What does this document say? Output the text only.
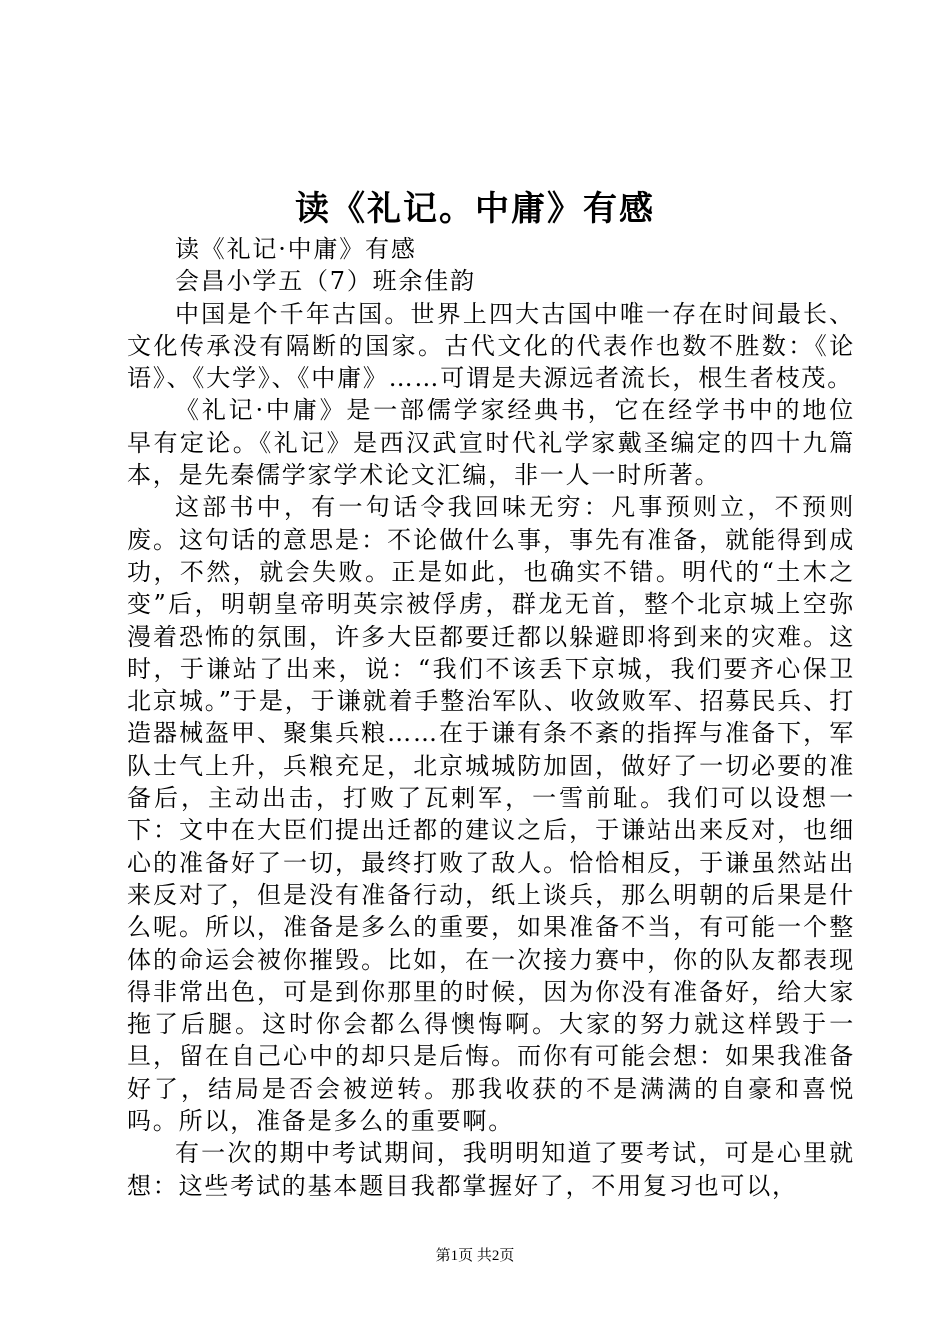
读《礼记。中庸》有感

读《礼记·中庸》有感

会昌小学五（7）班余佳韵

中国是个千年古国。世界上四大古国中唯一存在时间最长、文化传承没有隔断的国家。古代文化的代表作也数不胜数：《论语》、《大学》、《中庸》……可谓是夫源远者流长，根生者枝茂。

《礼记·中庸》是一部儒学家经典书，它在经学书中的地位早有定论。《礼记》是西汉武宣时代礼学家戴圣编定的四十九篇本，是先秦儒学家学术论文汇编，非一人一时所著。

这部书中，有一句话令我回味无穷：凡事预则立，不预则废。这句话的意思是：不论做什么事，事先有准备，就能得到成功，不然，就会失败。正是如此，也确实不错。明代的“土木之变”后，明朝皇帝明英宗被俘虏，群龙无首，整个北京城上空弥漫着恐怖的氛围，许多大臣都要迁都以躲避即将到来的灾难。这时，于谦站了出来，说：“我们不该丢下京城，我们要齐心保卫北京城。”于是，于谦就着手整治军队、收敛败军、招募民兵、打造器械盔甲、聚集兵粮……在于谦有条不紊的指挥与准备下，军队士气上升，兵粮充足，北京城城防加固，做好了一切必要的准备后，主动出击，打败了瓦剌军，一雪前耻。我们可以设想一下：文中在大臣们提出迁都的建议之后，于谦站出来反对，也细心的准备好了一切，最终打败了敌人。恰恰相反，于谦虽然站出来反对了，但是没有准备行动，纸上谈兵，那么明朝的后果是什么呢。所以，准备是多么的重要，如果准备不当，有可能一个整体的命运会被你摧毁。比如，在一次接力赛中，你的队友都表现得非常出色，可是到你那里的时候，因为你没有准备好，给大家拖了后腿。这时你会都么得懊悔啊。大家的努力就这样毁于一旦，留在自己心中的却只是后悔。而你有可能会想：如果我准备好了，结局是否会被逆转。那我收获的不是满满的自豪和喜悦吗。所以，准备是多么的重要啊。

有一次的期中考试期间，我明明知道了要考试，可是心里就想：这些考试的基本题目我都掌握好了，不用复习也可以，

第1页 共2页
